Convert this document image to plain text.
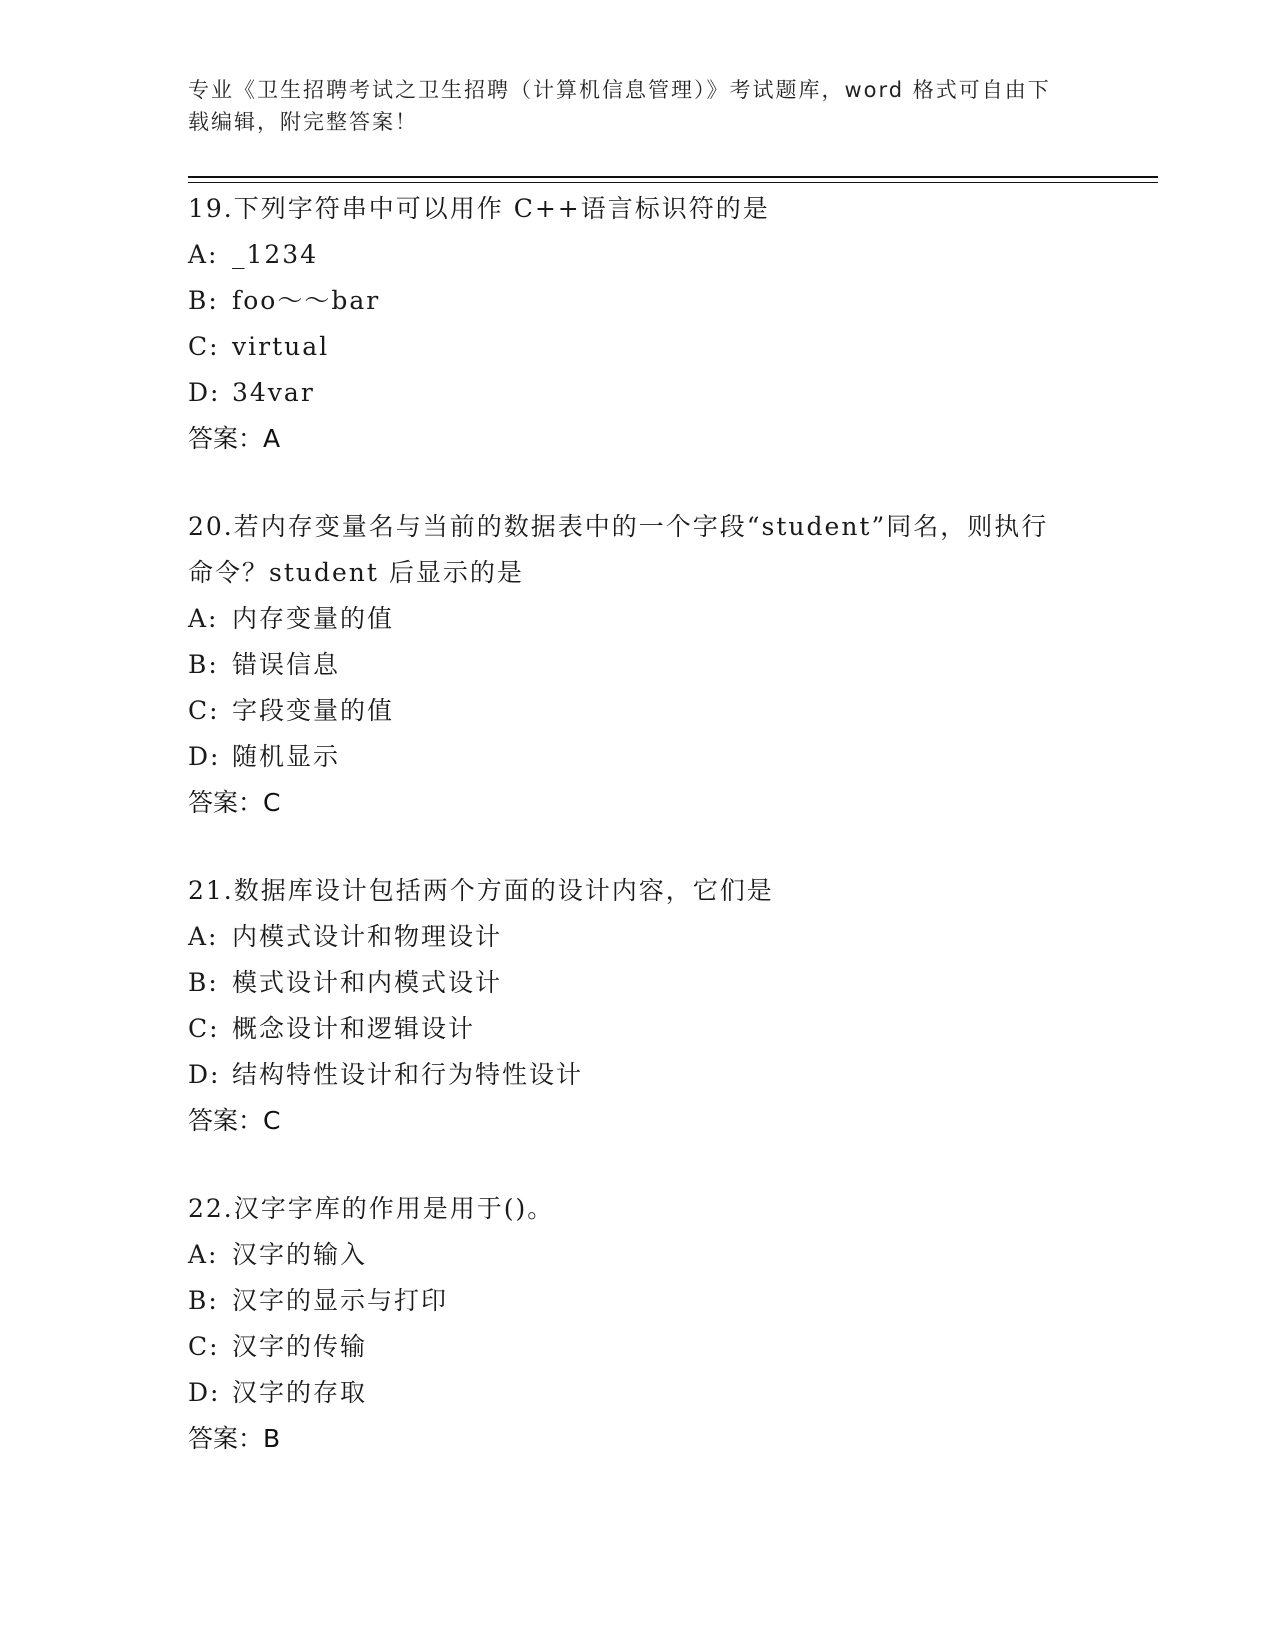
专业《卫生招聘考试之卫生招聘（计算机信息管理）》考试题库，word 格式可自由下载编辑，附完整答案！
19.下列字符串中可以用作 C++语言标识符的是
A: _1234
B: foo～～bar
C: virtual
D: 34var
答案：A
20.若内存变量名与当前的数据表中的一个字段“student”同名，则执行命令？student 后显示的是
A: 内存变量的值
B: 错误信息
C: 字段变量的值
D: 随机显示
答案：C
21.数据库设计包括两个方面的设计内容，它们是
A: 内模式设计和物理设计
B: 模式设计和内模式设计
C: 概念设计和逻辑设计
D: 结构特性设计和行为特性设计
答案：C
22.汉字字库的作用是用于()。
A: 汉字的输入
B: 汉字的显示与打印
C: 汉字的传输
D: 汉字的存取
答案：B
